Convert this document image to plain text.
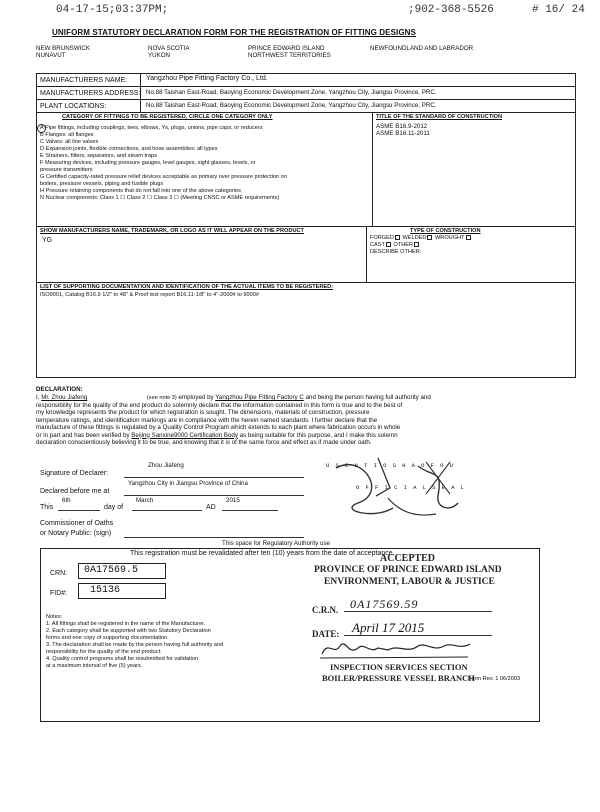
04-17-15;03:37PM;	;902-368-5526	# 16/ 24
UNIFORM STATUTORY DECLARATION FORM FOR THE REGISTRATION OF FITTING DESIGNS
NEW BRUNSWICK
NUNAVUT
NOVA SCOTIA
YUKON
PRINCE EDWARD ISLAND
NORTHWEST TERRITORIES
NEWFOUNDLAND AND LABRADOR
MANUFACTURERS NAME:	Yangzhou Pipe Fitting Factory Co., Ltd.
MANUFACTURERS ADDRESS: No.88 Taishan East-Road, Baoying Economic Development Zone, Yangzhou City, Jiangsu Province, PRC.
PLANT LOCATIONS:	No.88 Taishan East-Road, Baoying Economic Development Zone, Yangzhou City, Jiangsu Province, PRC.
CATEGORY OF FITTINGS TO BE REGISTERED, CIRCLE ONE CATEGORY ONLY
A Pipe fittings, including couplings, tees, elbows, Ys, plugs, unions, pipe caps, or reducers
B Flanges: all flanges
C Valves: all line valves
D Expansion joints, flexible connections, and hose assemblies: all types
E Strainers, filters, separators, and steam traps
F Measuring devices, including pressure gauges, level gauges, sight glasses, levels, or
pressure transmitters
G Certified capacity-rated pressure relief devices acceptable as primary over pressure protection on
boilers, pressure vessels, piping and fusible plugs
H Pressure retaining components that do not fall into one of the above categories
N Nuclear components: Class 1 ☐ Class 2 ☐ Class 3 ☐ (Meeting CNSC or ASME requirements)
TITLE OF THE STANDARD OF CONSTRUCTION
ASME B16.9-2012
ASME B16.11-2011
SHOW MANUFACTURERS NAME, TRADEMARK, OR LOGO AS IT WILL APPEAR ON THE PRODUCT
YG
TYPE OF CONSTRUCTION
FORGED WELDED WROUGHT
CAST OTHER
DESCRIBE OTHER:
LIST OF SUPPORTING DOCUMENTATION AND IDENTIFICATION OF THE ACTUAL ITEMS TO BE REGISTERED:
ISO9001, Catalog B16.9 1/2" to 48" & Proof test report B16.11-1/8" to 4"-2000# to 9000#
DECLARATION:
I, Mr. Zhou Jiafeng	(see note 3) employed by Yangzhou Pipe Fitting Factory C and being the person having full authority and
responsibility for the quality of the end product do solemnly declare that the information contained in this form is true and to the best of
my knowledge represents the product for which registration is sought. The dimensions, materials of construction, pressure
temperature ratings, and identification markings are in compliance with the herein named standards. I further declare that the
manufacture of these fittings is regulated by a Quality Control Program which extends to each plant where fabrication occurs in whole
or in part and has been verified by Beijing Sanxine9000 Certification Body as being suitable for this purpose, and I make this solemn
declaration conscientiously believing it to be true, and knowing that it is of the same force and effect as if made under oath.
Signature of Declarer:
Zhou Jiafeng
Declared before me at
Yangzhou City in Jiangsu Province of China
This
6th
day of
March
AD
2015
Commissioner of Oaths
or Notary Public: (sign)
U S E N T I O S H A O F O U
O F F I C I A L S E A L
This space for Regulatory Authority use
This registration must be revalidated after ten (10) years from the date of acceptance.
CRN: 0A17569.5
FID#: 15136
ACCEPTED
PROVINCE OF PRINCE EDWARD ISLAND
ENVIRONMENT, LABOUR & JUSTICE
C.R.N. 0A17569.59
DATE: April 17 2015
INSPECTION SERVICES SECTION
BOILER/PRESSURE VESSEL BRANCH
Form Rev. 1 06/2003
Notes:
1. All fittings shall be registered in the name of the Manufacturer.
2. Each category shall be supported with two Statutory Declaration
forms and one copy of supporting documentation.
3. The declaration shall be made by the person having full authority and
responsibility for the quality of the end product.
4. Quality control programs shall be resubmitted for validation
at a maximum interval of five (5) years.
